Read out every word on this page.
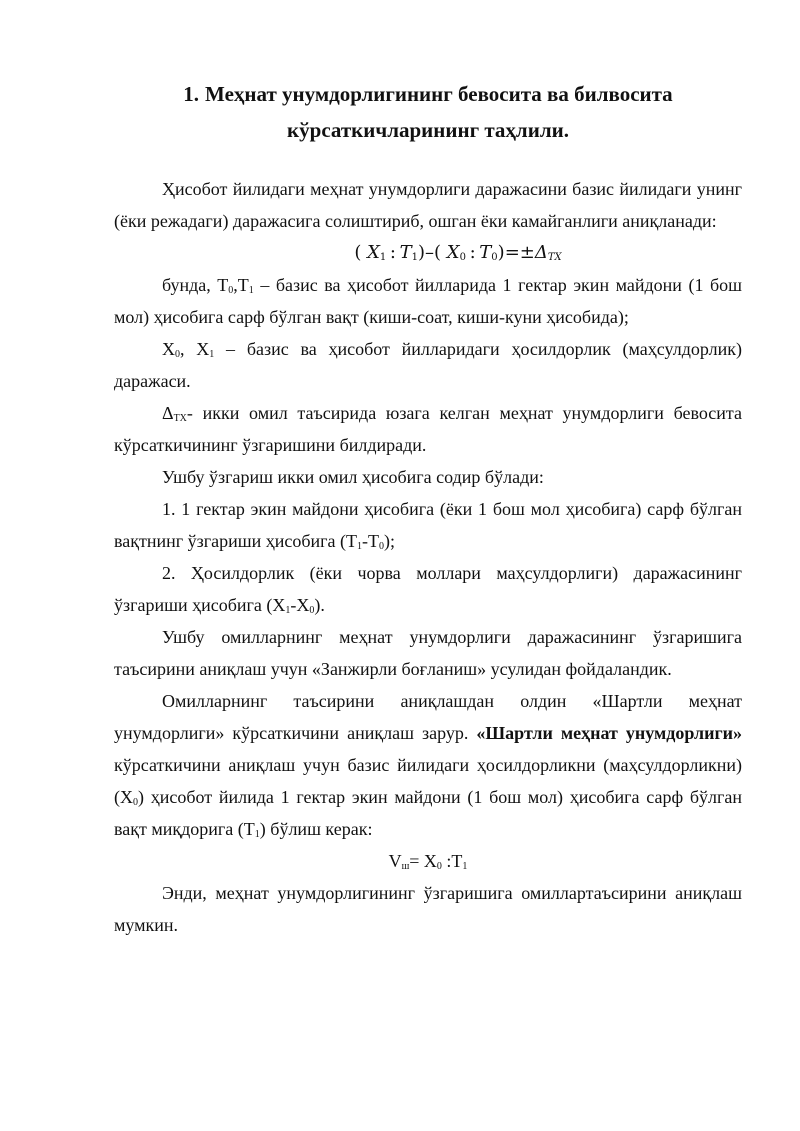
1. Меҳнат унумдорлигининг бевосита ва билвосита
кўрсаткичларининг таҳлили.

Ҳисобот йилидаги меҳнат унумдорлиги даражасини базис йилидаги унинг (ёки режадаги) даражасига солиштириб, ошган ёки камайганлиги аниқланади:

( $X_1$  :  $T_1)-$( $X_0$  :  $T_0)=\pm\Delta_{TX}$

бунда, $Т_0,Т_1$ – базис ва ҳисобот йилларида 1 гектар экин майдони (1 бош мол) ҳисобига сарф бўлган вақт (киши-соат, киши-куни ҳисобида);

$Х_0$, $Х_1$ – базис ва ҳисобот йилларидаги ҳосилдорлик (маҳсулдорлик) даражаси.

$\Delta_{ТХ}-$ икки омил таъсирида юзага келган меҳнат унумдорлиги бевосита кўрсаткичининг ўзгаришини билдиради.

Ушбу ўзгариш икки омил ҳисобига содир бўлади:

1. 1 гектар экин майдони ҳисобига (ёки 1 бош мол ҳисобига) сарф бўлган вақтнинг ўзгариши ҳисобига $(Т_1-Т_0)$;

2. Ҳосилдорлик (ёки чорва моллари маҳсулдорлиги) даражасининг ўзгариши ҳисобига $(Х_1-Х_0)$.

Ушбу омилларнинг меҳнат унумдорлиги даражасининг ўзгаришига таъсирини аниқлаш учун «Занжирли боғланиш» усулидан фойдаландик.

Омилларнинг таъсирини аниқлашдан олдин «Шартли меҳнат унумдорлиги» кўрсаткичини аниқлаш зарур. «Шартли меҳнат унумдорлиги» кўрсаткичини аниқлаш учун базис йилидаги ҳосилдорликни (маҳсулдорликни) $(Х_0)$ ҳисобот йилида 1 гектар экин майдони (1 бош мол) ҳисобига сарф бўлган вақт миқдорига $(Т_1)$ бўлиш керак:

$V_ш= Х_0$ $:Т_1$

Энди, меҳнат унумдорлигининг ўзгаришига омиллартаъсирини аниқлаш мумкин.
